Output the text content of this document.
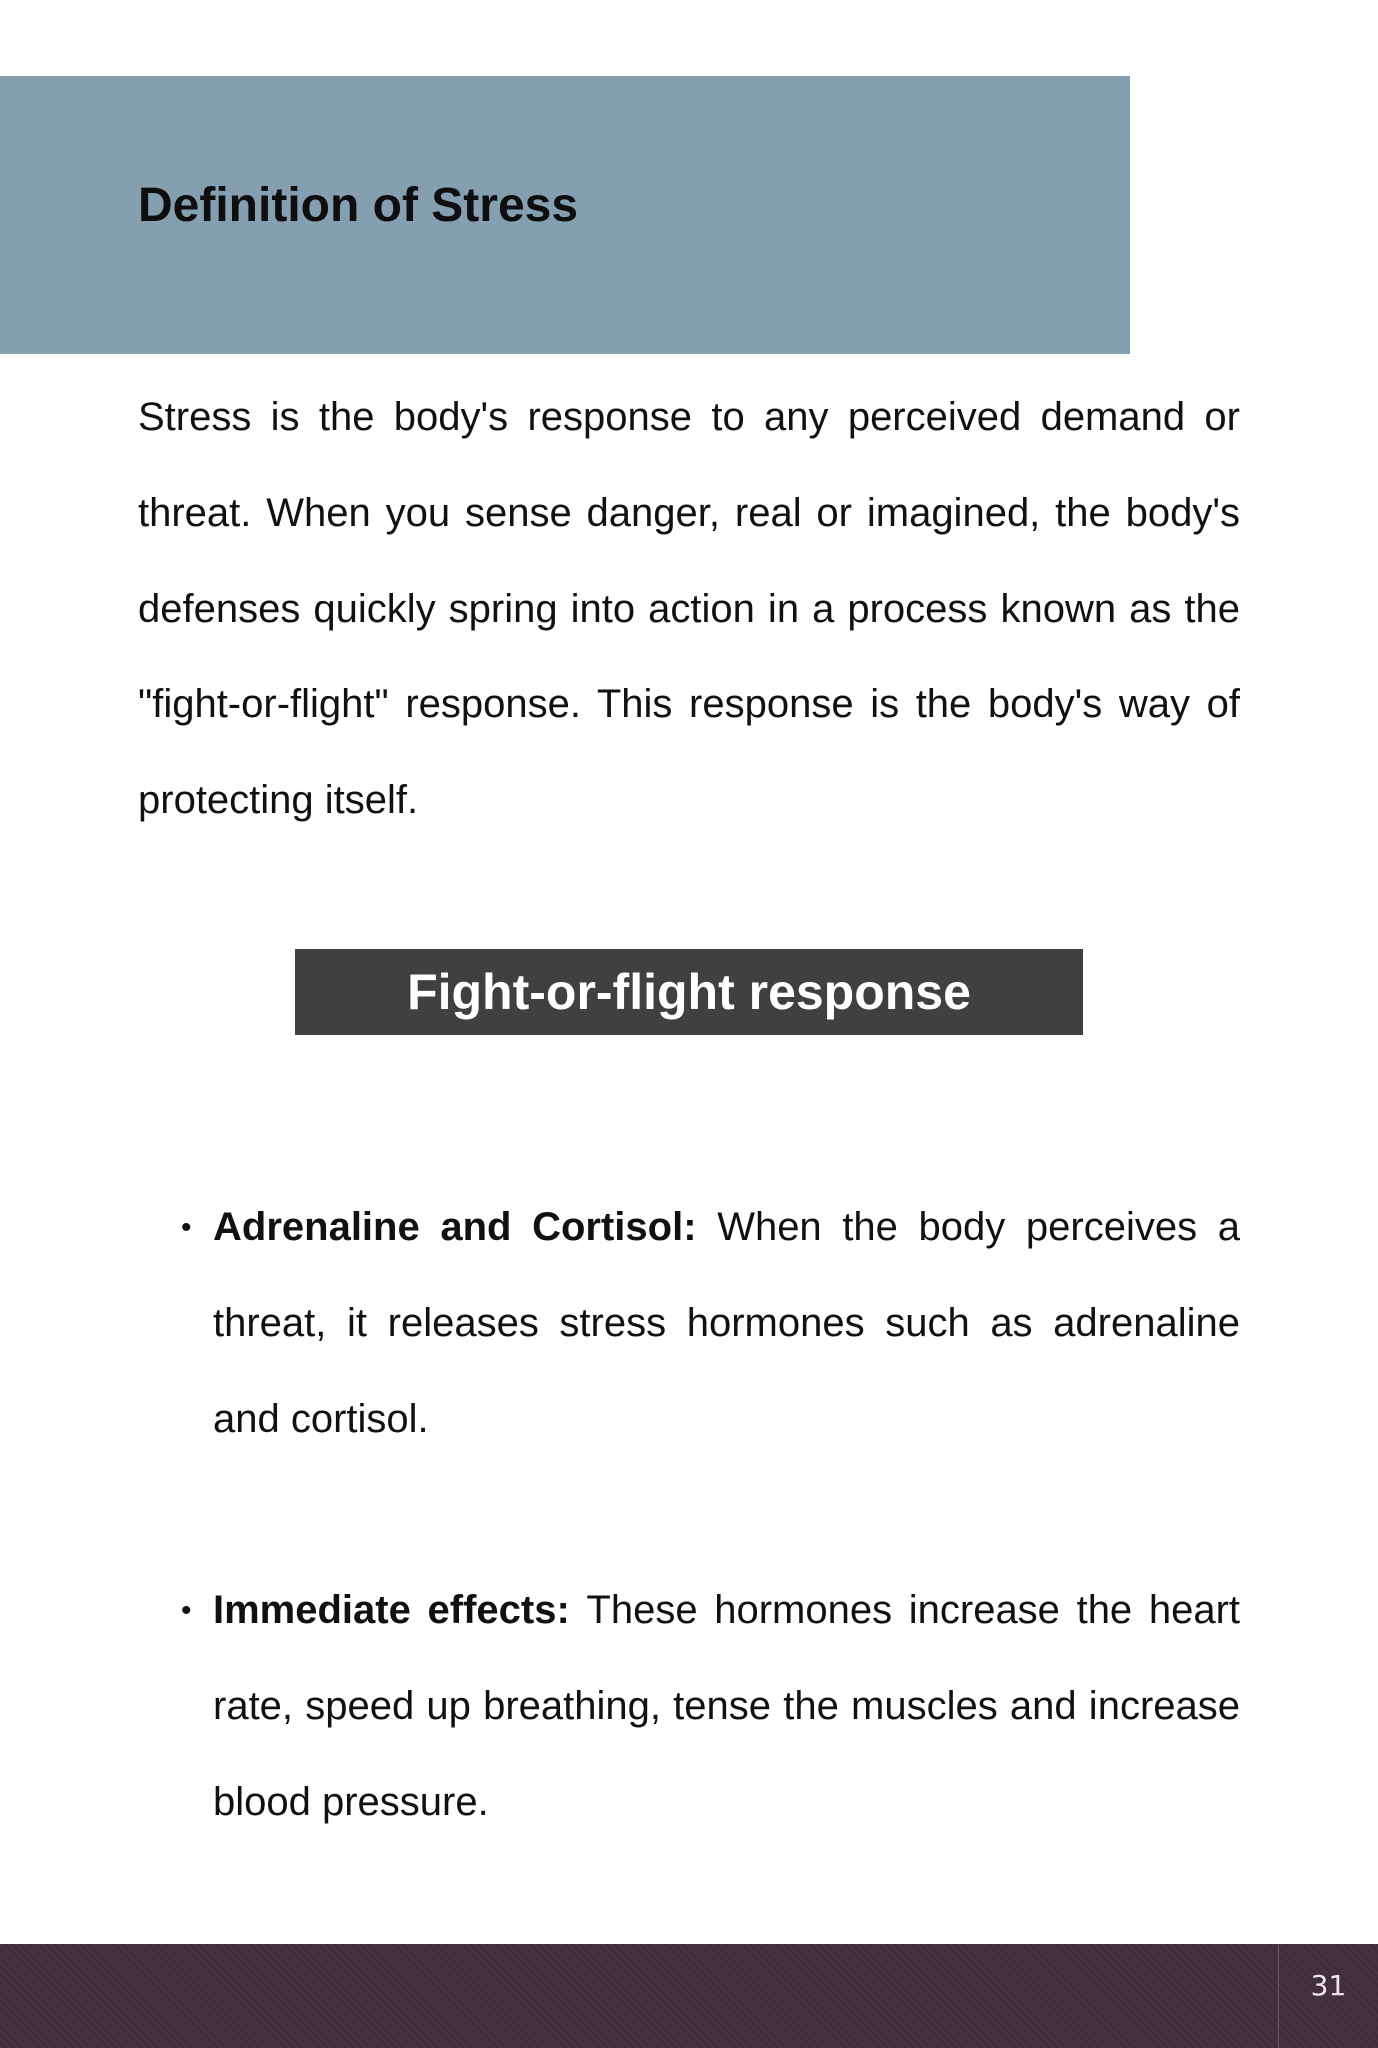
Definition of Stress

Stress is the body's response to any perceived demand or threat. When you sense danger, real or imagined, the body's defenses quickly spring into action in a process known as the "fight-or-flight" response. This response is the body's way of protecting itself.

Fight-or-flight response

• Adrenaline and Cortisol: When the body perceives a threat, it releases stress hormones such as adrenaline and cortisol.

• Immediate effects: These hormones increase the heart rate, speed up breathing, tense the muscles and increase blood pressure.

31
